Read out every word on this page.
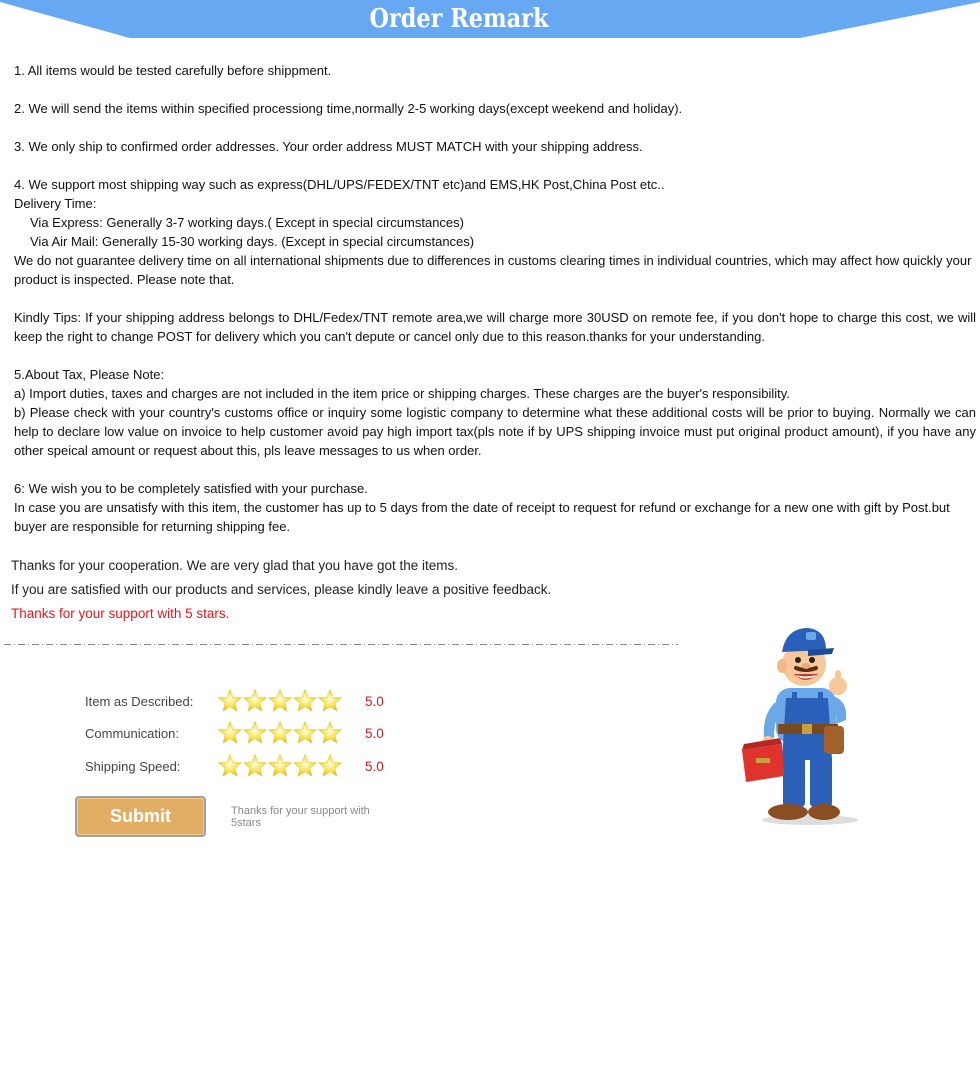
Order Remark

1. All items would be tested carefully before shippment.

2. We will send the items within specified processiong time,normally 2-5 working days(except weekend and holiday).

3. We only ship to confirmed order addresses. Your order address MUST MATCH with your shipping address.

4. We support most shipping way such as express(DHL/UPS/FEDEX/TNT etc)and EMS,HK Post,China Post etc..

Delivery Time:

Via Express: Generally 3-7 working days.( Except in special circumstances)

Via Air Mail: Generally 15-30 working days. (Except in special circumstances)

We do not guarantee delivery time on all international shipments due to differences in customs clearing times in individual countries, which may affect how quickly your product is inspected. Please note that.

Kindly Tips: If your shipping address belongs to DHL/Fedex/TNT remote area,we will charge more 30USD on remote fee, if you don't hope to charge this cost, we will keep the right to change POST for delivery which you can't depute or cancel only due to this reason.thanks for your understanding.

5.About Tax, Please Note:

a) Import duties, taxes and charges are not included in the item price or shipping charges. These charges are the buyer's responsibility.

b) Please check with your country's customs office or inquiry some logistic company to determine what these additional costs will be prior to buying. Normally we can help to declare low value on invoice to help customer avoid pay high import tax(pls note if by UPS shipping invoice must put original product amount), if you have any other speical amount or request about this, pls leave messages to us when order.

6: We wish you to be completely satisfied with your purchase.

In case you are unsatisfy with this item, the customer has up to 5 days from the date of receipt to request for refund or exchange for a new one with gift by Post.but buyer are responsible for returning shipping fee.

Thanks for your cooperation. We are very glad that you have got the items.

If you are satisfied with our products and services, please kindly leave a positive feedback.

Thanks for your support with 5 stars.

Item as Described:	5.0
Communication:	5.0
Shipping Speed:	5.0
Submit	Thanks for your support with 5stars
